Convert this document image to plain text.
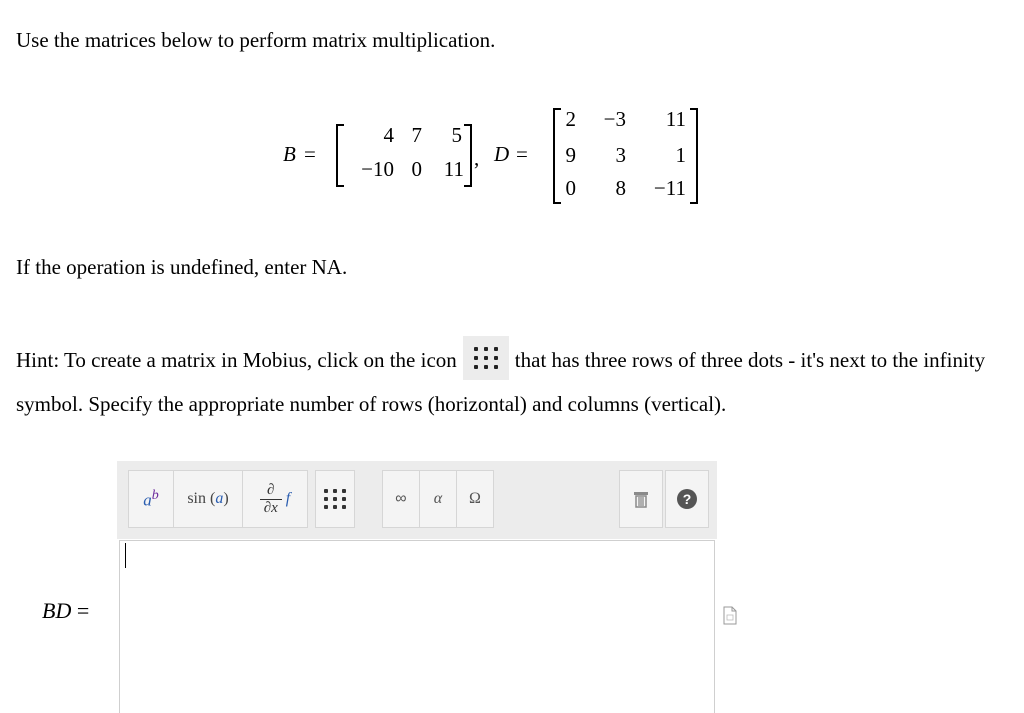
Use the matrices below to perform matrix multiplication.
B =
4 7	5
−10 0	11 , D =
2	−3	11
9	3	1
0	8	−11
If the operation is undefined, enter NA.
Hint: To create a matrix in Mobius, click on the icon	that has three rows of three dots - it's next to the infinity symbol. Specify the appropriate number of rows (horizontal) and columns (vertical).
$a^b$ sin (a)
∂
∂x
f	∞ α Ω	?
BD =
